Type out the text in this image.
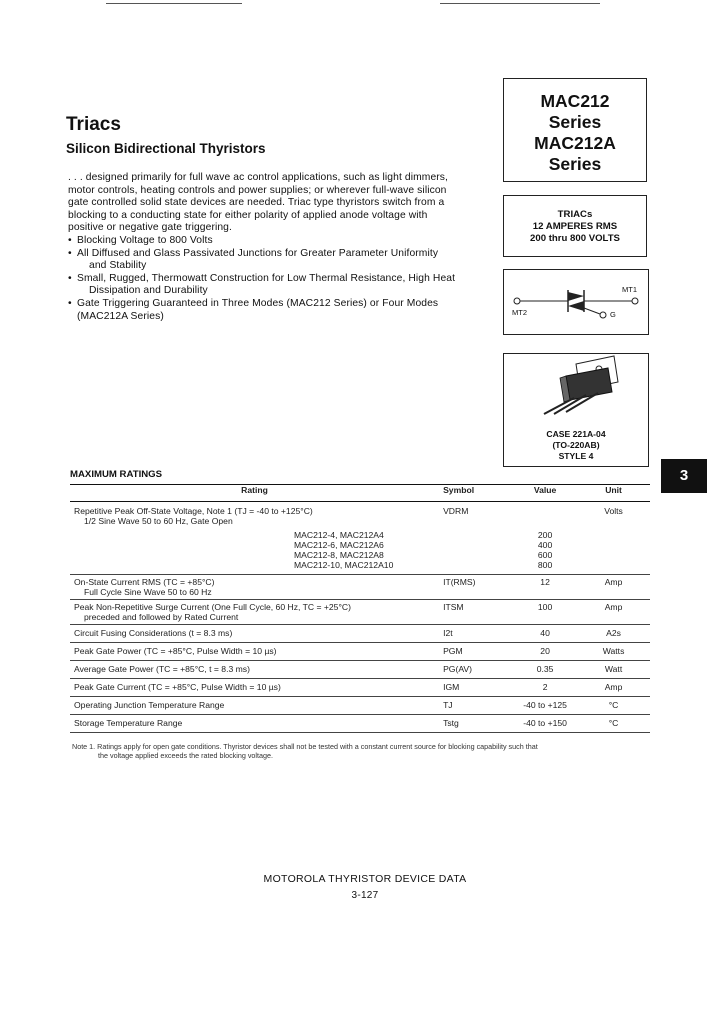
Triacs
Silicon Bidirectional Thyristors
. . . designed primarily for full wave ac control applications, such as light dimmers,
motor controls, heating controls and power supplies; or wherever full-wave silicon
gate controlled solid state devices are needed. Triac type thyristors switch from a
blocking to a conducting state for either polarity of applied anode voltage with
positive or negative gate triggering.
• Blocking Voltage to 800 Volts
• All Diffused and Glass Passivated Junctions for Greater Parameter Uniformity
and Stability
• Small, Rugged, Thermowatt Construction for Low Thermal Resistance, High Heat
Dissipation and Durability
• Gate Triggering Guaranteed in Three Modes (MAC212 Series) or Four Modes
(MAC212A Series)
MAC212
Series
MAC212A
Series
TRIACs
12 AMPERES RMS
200 thru 800 VOLTS
MT1
MT2	G
CASE 221A-04
(TO-220AB)
STYLE 4
3
MAXIMUM RATINGS
Rating	Symbol	Value	Unit

Repetitive Peak Off-State Voltage, Note 1 (TJ = -40 to +125°C)
1/2 Sine Wave 50 to 60 Hz, Gate Open	VDRM		Volts

MAC212-4, MAC212A4		200	

MAC212-6, MAC212A6		400	

MAC212-8, MAC212A8		600	

MAC212-10, MAC212A10		800	

On-State Current RMS (TC = +85°C)
Full Cycle Sine Wave 50 to 60 Hz	IT(RMS)	12	Amp

Peak Non-Repetitive Surge Current (One Full Cycle, 60 Hz, TC = +25°C)
preceded and followed by Rated Current	ITSM	100	Amp
Circuit Fusing Considerations (t = 8.3 ms)	I2t	40	A2s
Peak Gate Power (TC = +85°C, Pulse Width = 10 µs)	PGM	20	Watts
Average Gate Power (TC = +85°C, t = 8.3 ms)	PG(AV)	0.35	Watt
Peak Gate Current (TC = +85°C, Pulse Width = 10 µs)	IGM	2	Amp
Operating Junction Temperature Range	TJ	-40 to +125	°C
Storage Temperature Range	Tstg	-40 to +150	°C
Note 1. Ratings apply for open gate conditions. Thyristor devices shall not be tested with a constant current source for blocking capability such that
the voltage applied exceeds the rated blocking voltage.
MOTOROLA THYRISTOR DEVICE DATA
3-127
